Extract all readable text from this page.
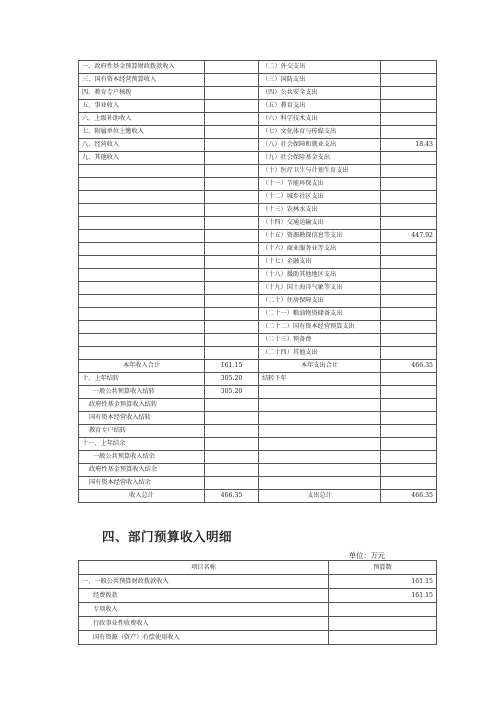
一、政府性基金预算财政拨款收入		（二）外交支出	
三、国有资本经营预算收入		（三）国防支出	
四、教育专户核拨		（四）公共安全支出	
五、事业收入		（五）教育支出	
六、上级补助收入		（六）科学技术支出	
七、附属单位上缴收入		（七）文化体育与传媒支出	
八、经营收入		（八）社会保障和就业支出	18.43
九、其他收入		（九）社会保险基金支出	
		（十）医疗卫生与计划生育支出	
		（十一）节能环保支出	
		（十二）城乡社区支出	
		（十三）农林水支出	
		（十四）交通运输支出	
		（十五）资源勘探信息等支出	447.92
		（十六）商业服务业等支出	
		（十七）金融支出	
		（十八）援助其他地区支出	
		（十九）国土海洋气象等支出	
		（二十）住房保障支出	
		（二十一）粮油物资储备支出	
		（二十二）国有资本经营预算支出	
		（二十三）预备费	
		（二十四）其他支出	
本年收入合计	161.15	本年支出合计	466.35
十、上年结转	305.20	结转下年	
一般公共预算收入结转	305.20		
政府性基金预算收入结转			
国有资本经营收入结转			
教育专户结转			
十一、上年结余			
一般公共预算收入结余			
政府性基金预算收入结余			
国有资本经营收入结余			
收入总计	466.35	支出总计	466.35
四、部门预算收入明细
单位：万元
项目名称	预算数
一、一般公共预算财政拨款收入	161.15
经费拨款	161.15
专项收入	
行政事业性收费收入	
国有资源（资产）有偿使用收入	
